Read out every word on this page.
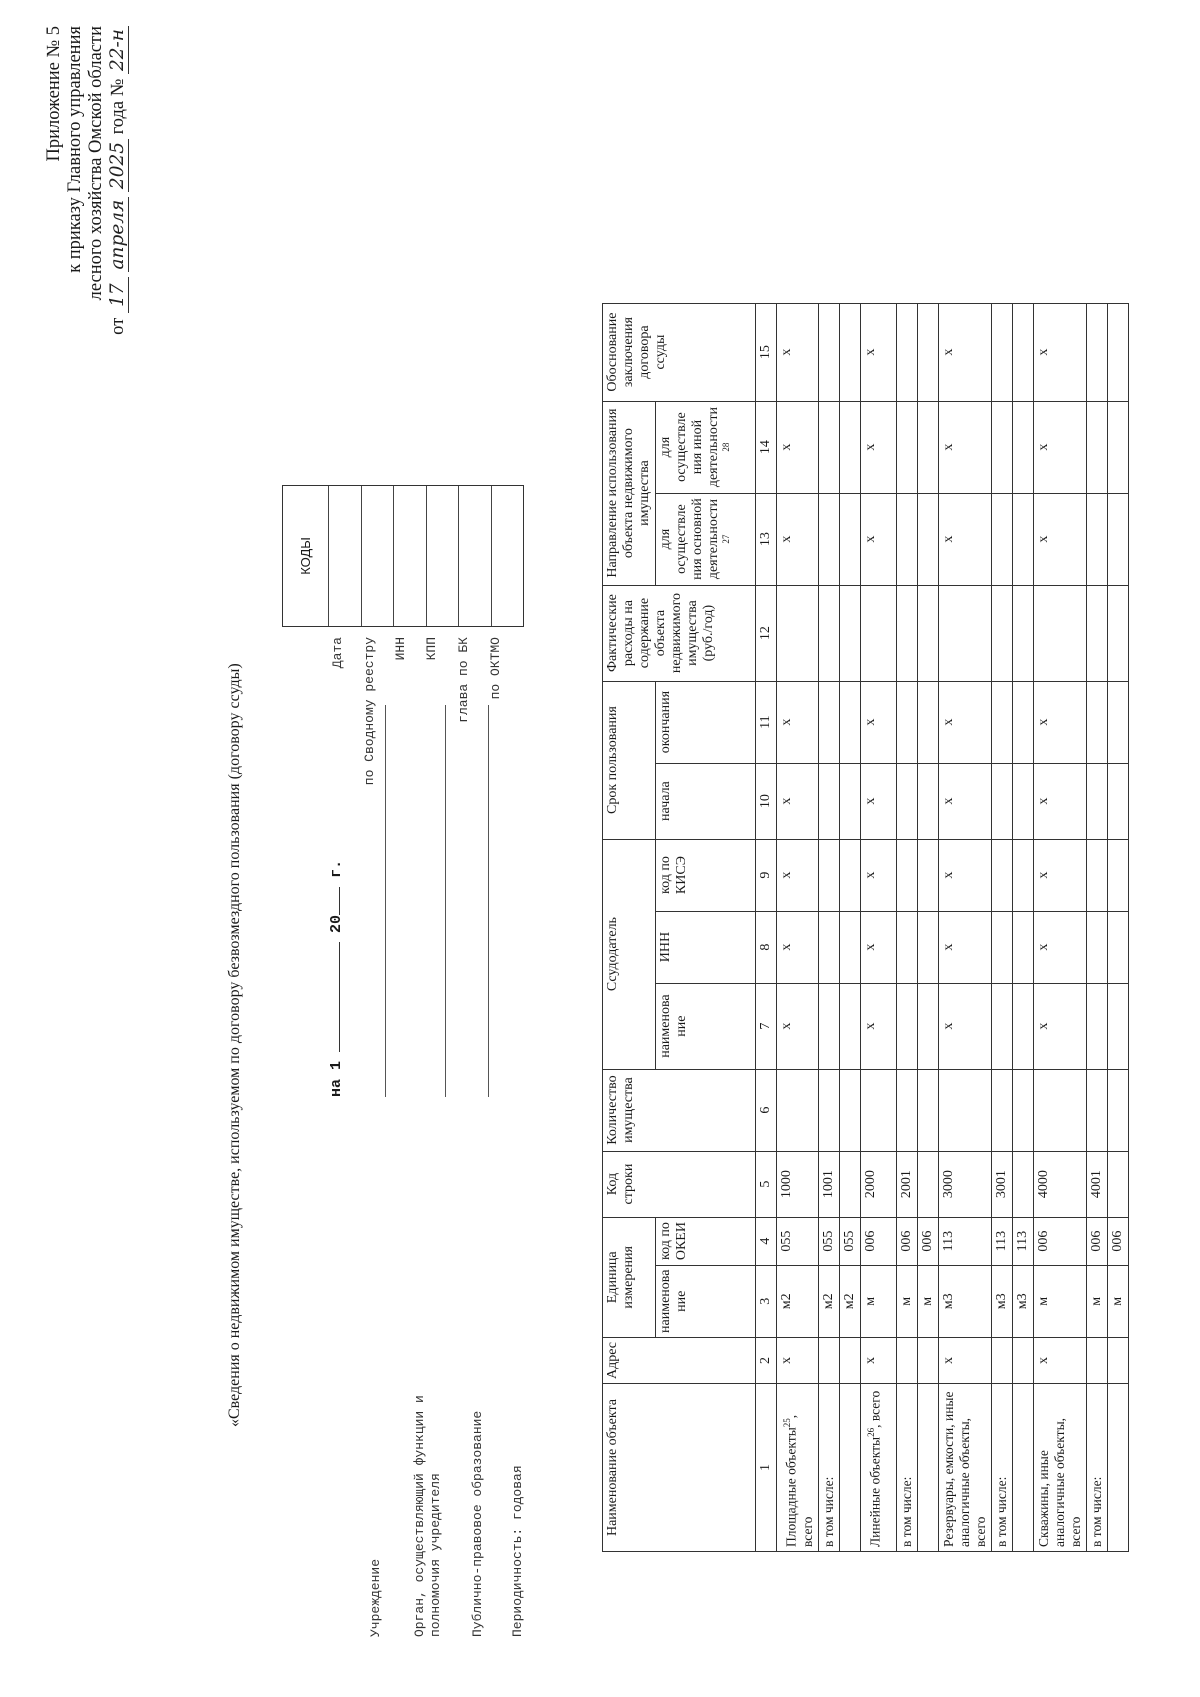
Приложение № 5 к приказу Главного управления лесного хозяйства Омской области
от 17 апреля 2025 года № 22-н
«Сведения о недвижимом имуществе, используемом по договору безвозмездного пользования (договору ссуды)	на 1  20 г.
Учреждение Орган, осуществляющий функции и полномочия учредителя Публично-правовое образование Периодичность: годовая
Дата по Сводному реестру ИНН КПП глава по БК по ОКТМО
КОДЫ
Наименование объекта	Адрес	Единица измерения		Код строки	Количество имущества	Ссудодатель			Срок пользования		Фактические расходы на содержание объекта недвижимого имущества (руб./год)	Направление использования объекта недвижимого имущества		Обоснование заключения договора ссуды
		наименова ние	код по ОКЕИ			наименова ние	ИНН	код по КИСЭ	начала	окончания		для осуществле ния основной деятельности 27	для осуществле ния иной деятельности 28	

1	2	3	4	5	6	7	8	9	10	11	12	13	14	15
Площадные объекты$^{25}$, всего	x	м2	055	1000		x	x	x	x	x		x	x	x
в том числе:		м2	055	1001										
		м2	055											
Линейные объекты$^{26}$, всего	x	м	006	2000		x	x	x	x	x		x	x	x
в том числе:		м	006	2001										
		м	006											
Резервуары, емкости, иные аналогичные объекты, всего	x	м3	113	3000		x	x	x	x	x		x	x	x
в том числе:		м3	113	3001										
		м3	113											
Скважины, иные аналогичные объекты, всего	x	м	006	4000		x	x	x	x	x		x	x	x
в том числе:		м	006	4001										
		м	006											
